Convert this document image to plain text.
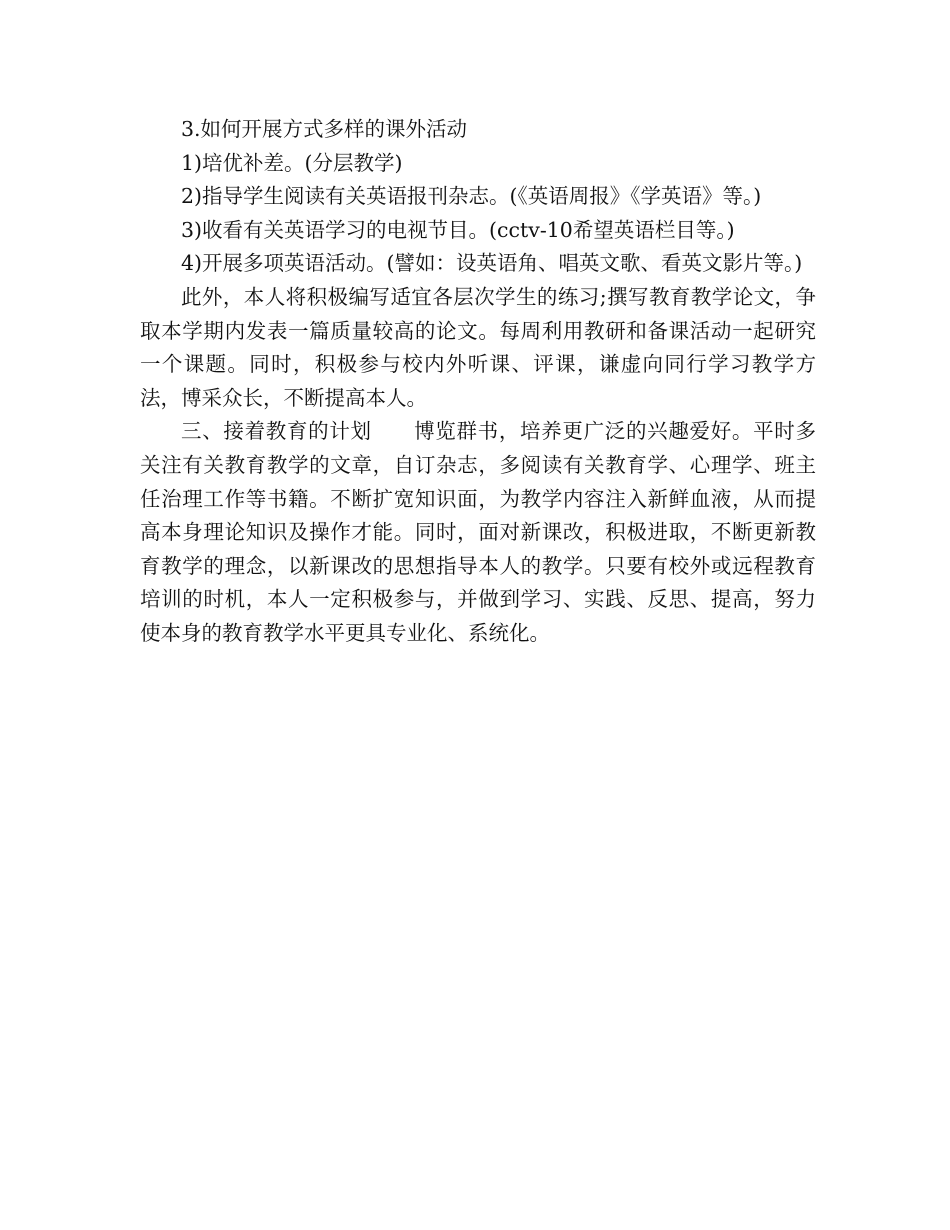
3.如何开展方式多样的课外活动

1)培优补差。(分层教学)

2)指导学生阅读有关英语报刊杂志。(《英语周报》《学英语》等。)

3)收看有关英语学习的电视节目。(cctv-10希望英语栏目等。)

4)开展多项英语活动。(譬如：设英语角、唱英文歌、看英文影片等。)

此外，本人将积极编写适宜各层次学生的练习;撰写教育教学论文，争取本学期内发表一篇质量较高的论文。每周利用教研和备课活动一起研究一个课题。同时，积极参与校内外听课、评课，谦虚向同行学习教学方法，博采众长，不断提高本人。

三、接着教育的计划　　博览群书，培养更广泛的兴趣爱好。平时多关注有关教育教学的文章，自订杂志，多阅读有关教育学、心理学、班主任治理工作等书籍。不断扩宽知识面，为教学内容注入新鲜血液，从而提高本身理论知识及操作才能。同时，面对新课改，积极进取，不断更新教育教学的理念，以新课改的思想指导本人的教学。只要有校外或远程教育培训的时机，本人一定积极参与，并做到学习、实践、反思、提高，努力使本身的教育教学水平更具专业化、系统化。
